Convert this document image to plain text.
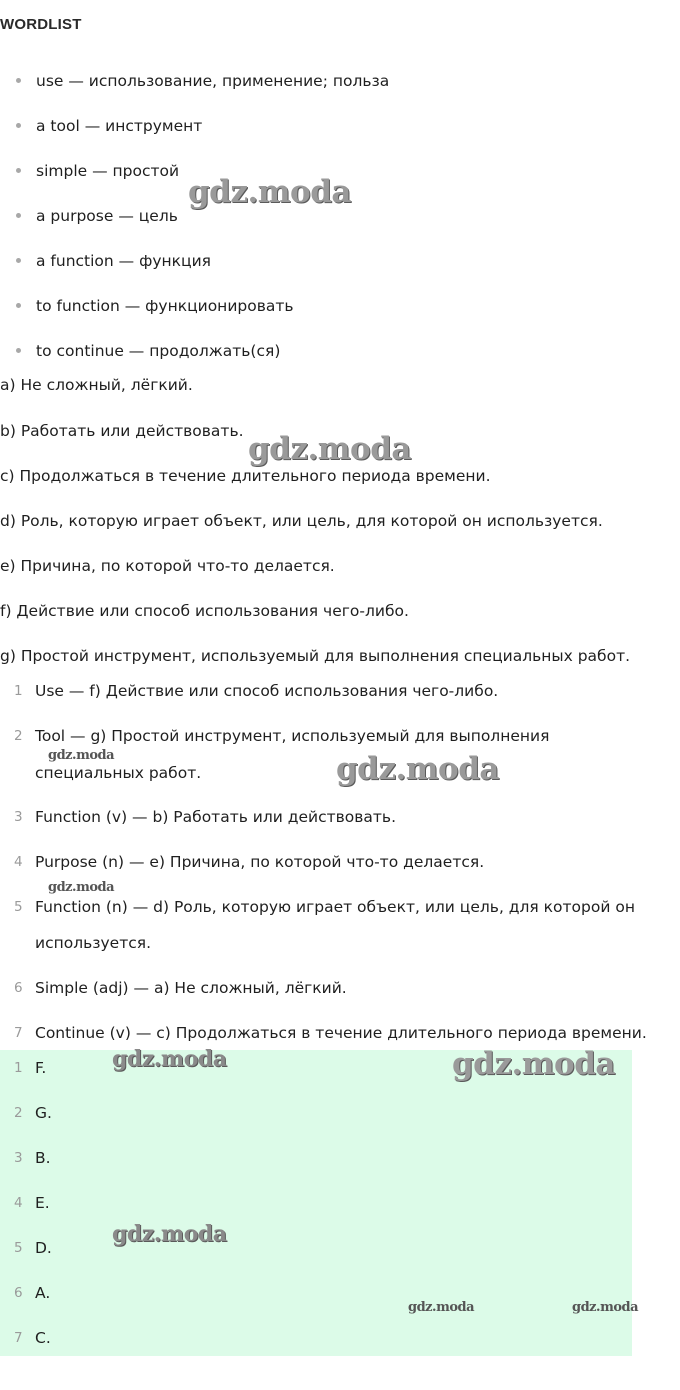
WORDLIST
use — использование, применение; польза
a tool — инструмент
simple — простой
a purpose — цель
a function — функция
to function — функционировать
to continue — продолжать(ся)
a) Не сложный, лёгкий.
b) Работать или действовать.
c) Продолжаться в течение длительного периода времени.
d) Роль, которую играет объект, или цель, для которой он используется.
e) Причина, по которой что-то делается.
f) Действие или способ использования чего-либо.
g) Простой инструмент, используемый для выполнения специальных работ.
1 Use — f) Действие или способ использования чего-либо.
2 Tool — g) Простой инструмент, используемый для выполнения
специальных работ.
3 Function (v) — b) Работать или действовать.
4 Purpose (n) — e) Причина, по которой что-то делается.
5 Function (n) — d) Роль, которую играет объект, или цель, для которой он
используется.
6 Simple (adj) — a) Не сложный, лёгкий.
7 Continue (v) — c) Продолжаться в течение длительного периода времени.
1 F.
2 G.
3 B.
4 E.
5 D.
6 A.
7 C.
gdz.moda
gdz.moda
gdz.moda
gdz.moda
gdz.moda
gdz.moda	gdz.moda
gdz.moda
gdz.moda	gdz.moda
